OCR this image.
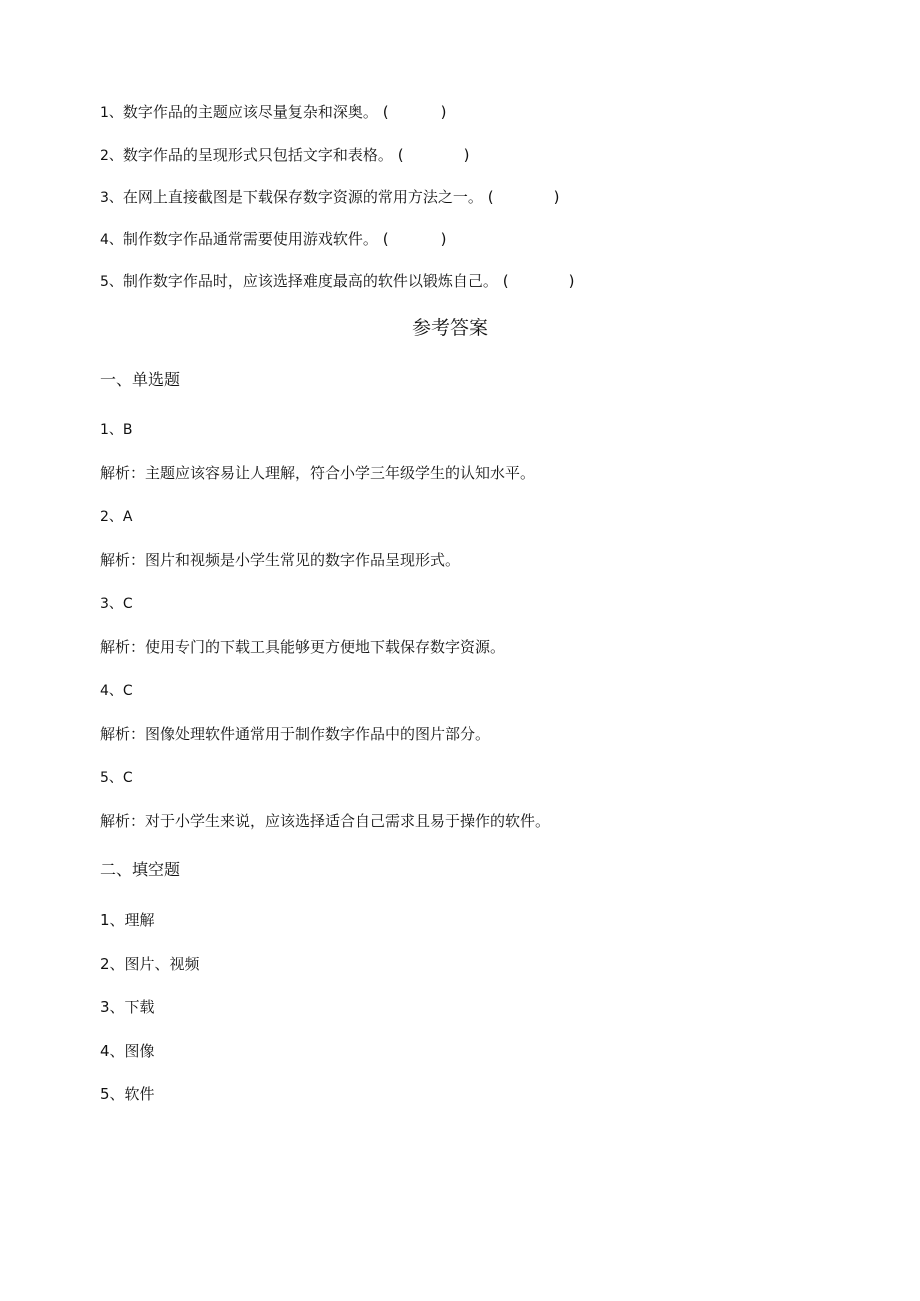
1、数字作品的主题应该尽量复杂和深奥。 (	)
2、数字作品的呈现形式只包括文字和表格。 (	)
3、在网上直接截图是下载保存数字资源的常用方法之一。 (	)
4、制作数字作品通常需要使用游戏软件。 (	)
5、制作数字作品时，应该选择难度最高的软件以锻炼自己。 (	)
参考答案
一、单选题
1、B
解析：主题应该容易让人理解，符合小学三年级学生的认知水平。
2、A
解析：图片和视频是小学生常见的数字作品呈现形式。
3、C
解析：使用专门的下载工具能够更方便地下载保存数字资源。
4、C
解析：图像处理软件通常用于制作数字作品中的图片部分。
5、C
解析：对于小学生来说，应该选择适合自己需求且易于操作的软件。
二、填空题
1、理解
2、图片、视频
3、下载
4、图像
5、软件
